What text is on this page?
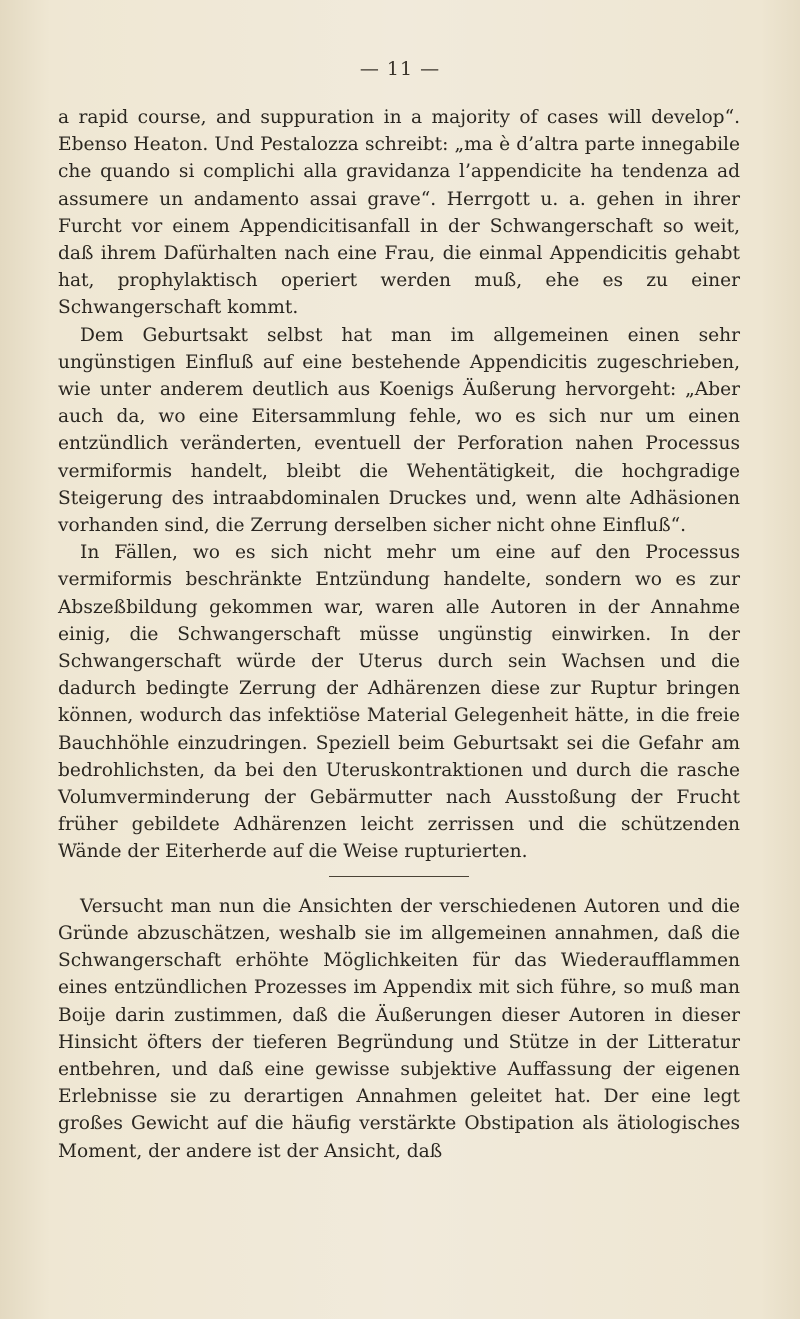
— 11 —

a rapid course, and suppuration in a majority of cases will develop“. Ebenso Heaton. Und Pestalozza schreibt: „ma è d’altra parte innegabile che quando si complichi alla gravidanza l’appendicite ha tendenza ad assumere un andamento assai grave“. Herrgott u. a. gehen in ihrer Furcht vor einem Appendicitisanfall in der Schwangerschaft so weit, daß ihrem Dafürhalten nach eine Frau, die einmal Appendicitis gehabt hat, prophylaktisch operiert werden muß, ehe es zu einer Schwangerschaft kommt.

Dem Geburtsakt selbst hat man im allgemeinen einen sehr ungünstigen Einfluß auf eine bestehende Appendicitis zugeschrieben, wie unter anderem deutlich aus Koenigs Äußerung hervorgeht: „Aber auch da, wo eine Eitersammlung fehle, wo es sich nur um einen entzündlich veränderten, eventuell der Perforation nahen Processus vermiformis handelt, bleibt die Wehentätigkeit, die hochgradige Steigerung des intraabdominalen Druckes und, wenn alte Adhäsionen vorhanden sind, die Zerrung derselben sicher nicht ohne Einfluß“.

In Fällen, wo es sich nicht mehr um eine auf den Processus vermiformis beschränkte Entzündung handelte, sondern wo es zur Abszeßbildung gekommen war, waren alle Autoren in der Annahme einig, die Schwangerschaft müsse ungünstig einwirken. In der Schwangerschaft würde der Uterus durch sein Wachsen und die dadurch bedingte Zerrung der Adhärenzen diese zur Ruptur bringen können, wodurch das infektiöse Material Gelegenheit hätte, in die freie Bauchhöhle einzudringen. Speziell beim Geburtsakt sei die Gefahr am bedrohlichsten, da bei den Uteruskontraktionen und durch die rasche Volumverminderung der Gebärmutter nach Ausstoßung der Frucht früher gebildete Adhärenzen leicht zerrissen und die schützenden Wände der Eiterherde auf die Weise rupturierten.

Versucht man nun die Ansichten der verschiedenen Autoren und die Gründe abzuschätzen, weshalb sie im allgemeinen annahmen, daß die Schwangerschaft erhöhte Möglichkeiten für das Wiederaufflammen eines entzündlichen Prozesses im Appendix mit sich führe, so muß man Boije darin zustimmen, daß die Äußerungen dieser Autoren in dieser Hinsicht öfters der tieferen Begründung und Stütze in der Litteratur entbehren, und daß eine gewisse subjektive Auffassung der eigenen Erlebnisse sie zu derartigen Annahmen geleitet hat. Der eine legt großes Gewicht auf die häufig verstärkte Obstipation als ätiologisches Moment, der andere ist der Ansicht, daß
